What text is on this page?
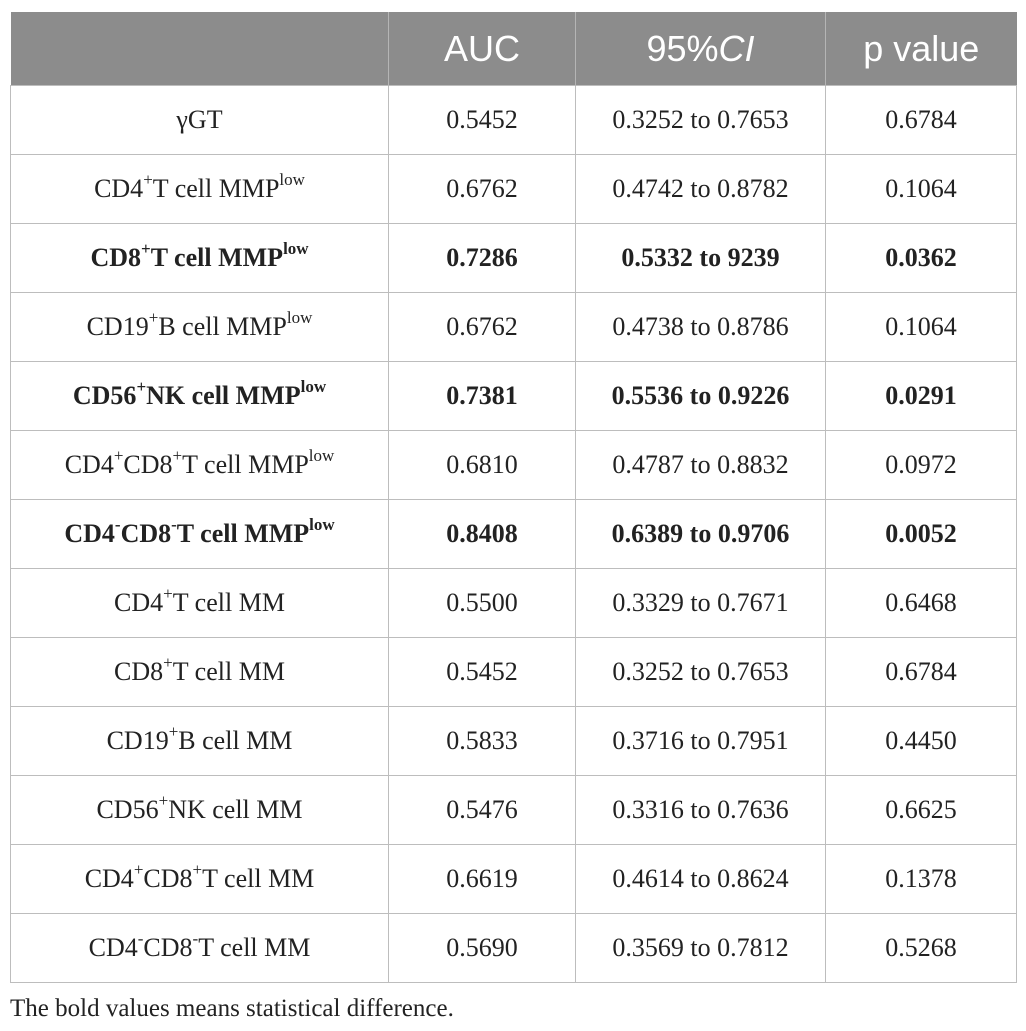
	AUC	95%CI	p value
γGT	0.5452	0.3252 to 0.7653	0.6784
CD4+T cell $MMP^{low}$	0.6762	0.4742 to 0.8782	0.1064
CD8+T cell $MMP^{low}$	0.7286	0.5332 to 9239	0.0362
CD19+B cell $MMP^{low}$	0.6762	0.4738 to 0.8786	0.1064
CD56+NK cell $MMP^{low}$	0.7381	0.5536 to 0.9226	0.0291
CD4+CD8+T cell $MMP^{low}$	0.6810	0.4787 to 0.8832	0.0972
CD4-CD8-T cell $MMP^{low}$	0.8408	0.6389 to 0.9706	0.0052
CD4+T cell MM	0.5500	0.3329 to 0.7671	0.6468
CD8+T cell MM	0.5452	0.3252 to 0.7653	0.6784
CD19+B cell MM	0.5833	0.3716 to 0.7951	0.4450
CD56+NK cell MM	0.5476	0.3316 to 0.7636	0.6625
CD4+CD8+T cell MM	0.6619	0.4614 to 0.8624	0.1378
CD4-CD8-T cell MM	0.5690	0.3569 to 0.7812	0.5268
The bold values means statistical difference.
